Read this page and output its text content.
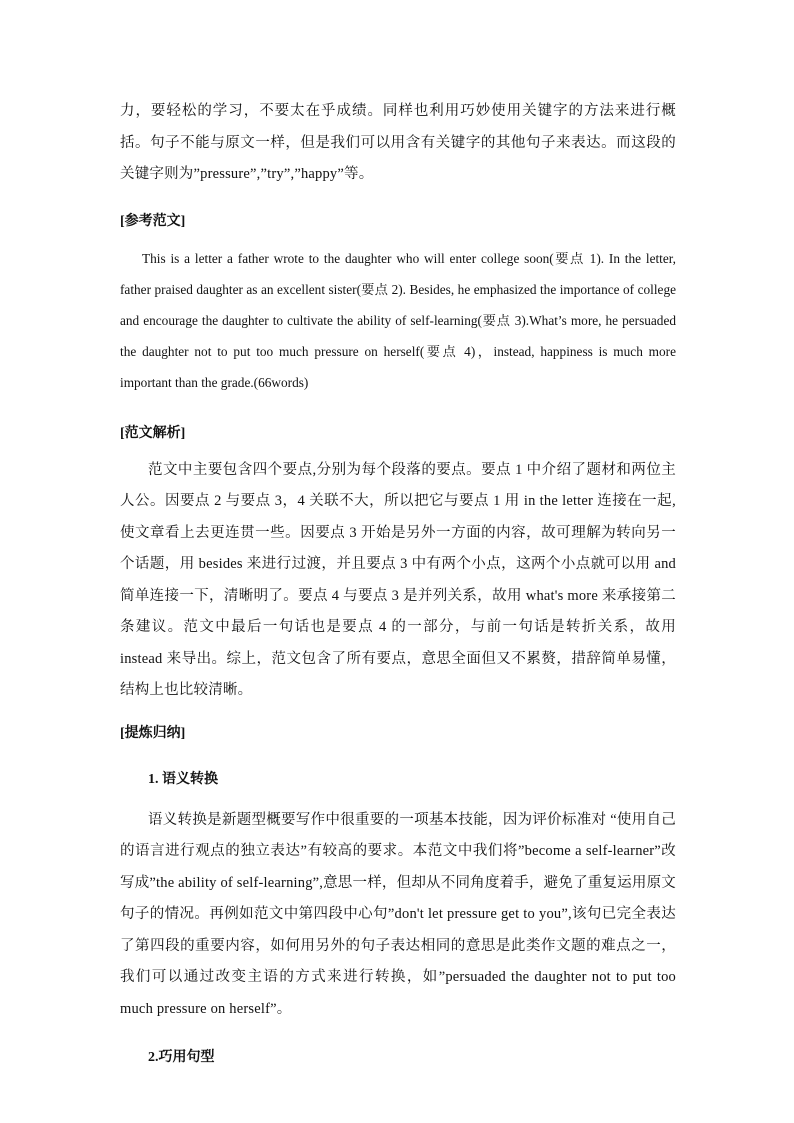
力，要轻松的学习，不要太在乎成绩。同样也利用巧妙使用关键字的方法来进行概括。句子不能与原文一样，但是我们可以用含有关键字的其他句子来表达。而这段的关键字则为”pressure”,”try”,”happy”等。

[参考范文]

This is a letter a father wrote to the daughter who will enter college soon(要点 1). In the letter, father praised daughter as an excellent sister(要点 2). Besides, he emphasized the importance of college and encourage the daughter to cultivate the ability of self-learning(要点 3).What’s more, he persuaded the daughter not to put too much pressure on herself(要点 4)，instead, happiness is much more important than the grade.(66words)

[范文解析]

范文中主要包含四个要点,分别为每个段落的要点。要点 1 中介绍了题材和两位主人公。因要点 2 与要点 3，4 关联不大，所以把它与要点 1 用 in the letter 连接在一起,使文章看上去更连贯一些。因要点 3 开始是另外一方面的内容，故可理解为转向另一个话题，用 besides 来进行过渡，并且要点 3 中有两个小点，这两个小点就可以用 and 简单连接一下，清晰明了。要点 4 与要点 3 是并列关系，故用 what's more 来承接第二条建议。范文中最后一句话也是要点 4 的一部分，与前一句话是转折关系，故用 instead 来导出。综上，范文包含了所有要点，意思全面但又不累赘，措辞简单易懂，结构上也比较清晰。

[提炼归纳]

1. 语义转换

语义转换是新题型概要写作中很重要的一项基本技能，因为评价标准对 “使用自己的语言进行观点的独立表达”有较高的要求。本范文中我们将”become a self-learner”改写成”the ability of self-learning”,意思一样，但却从不同角度着手，避免了重复运用原文句子的情况。再例如范文中第四段中心句”don't let pressure get to you”,该句已完全表达了第四段的重要内容，如何用另外的句子表达相同的意思是此类作文题的难点之一，我们可以通过改变主语的方式来进行转换，如”persuaded the daughter not to put too much pressure on herself”。

2.巧用句型
